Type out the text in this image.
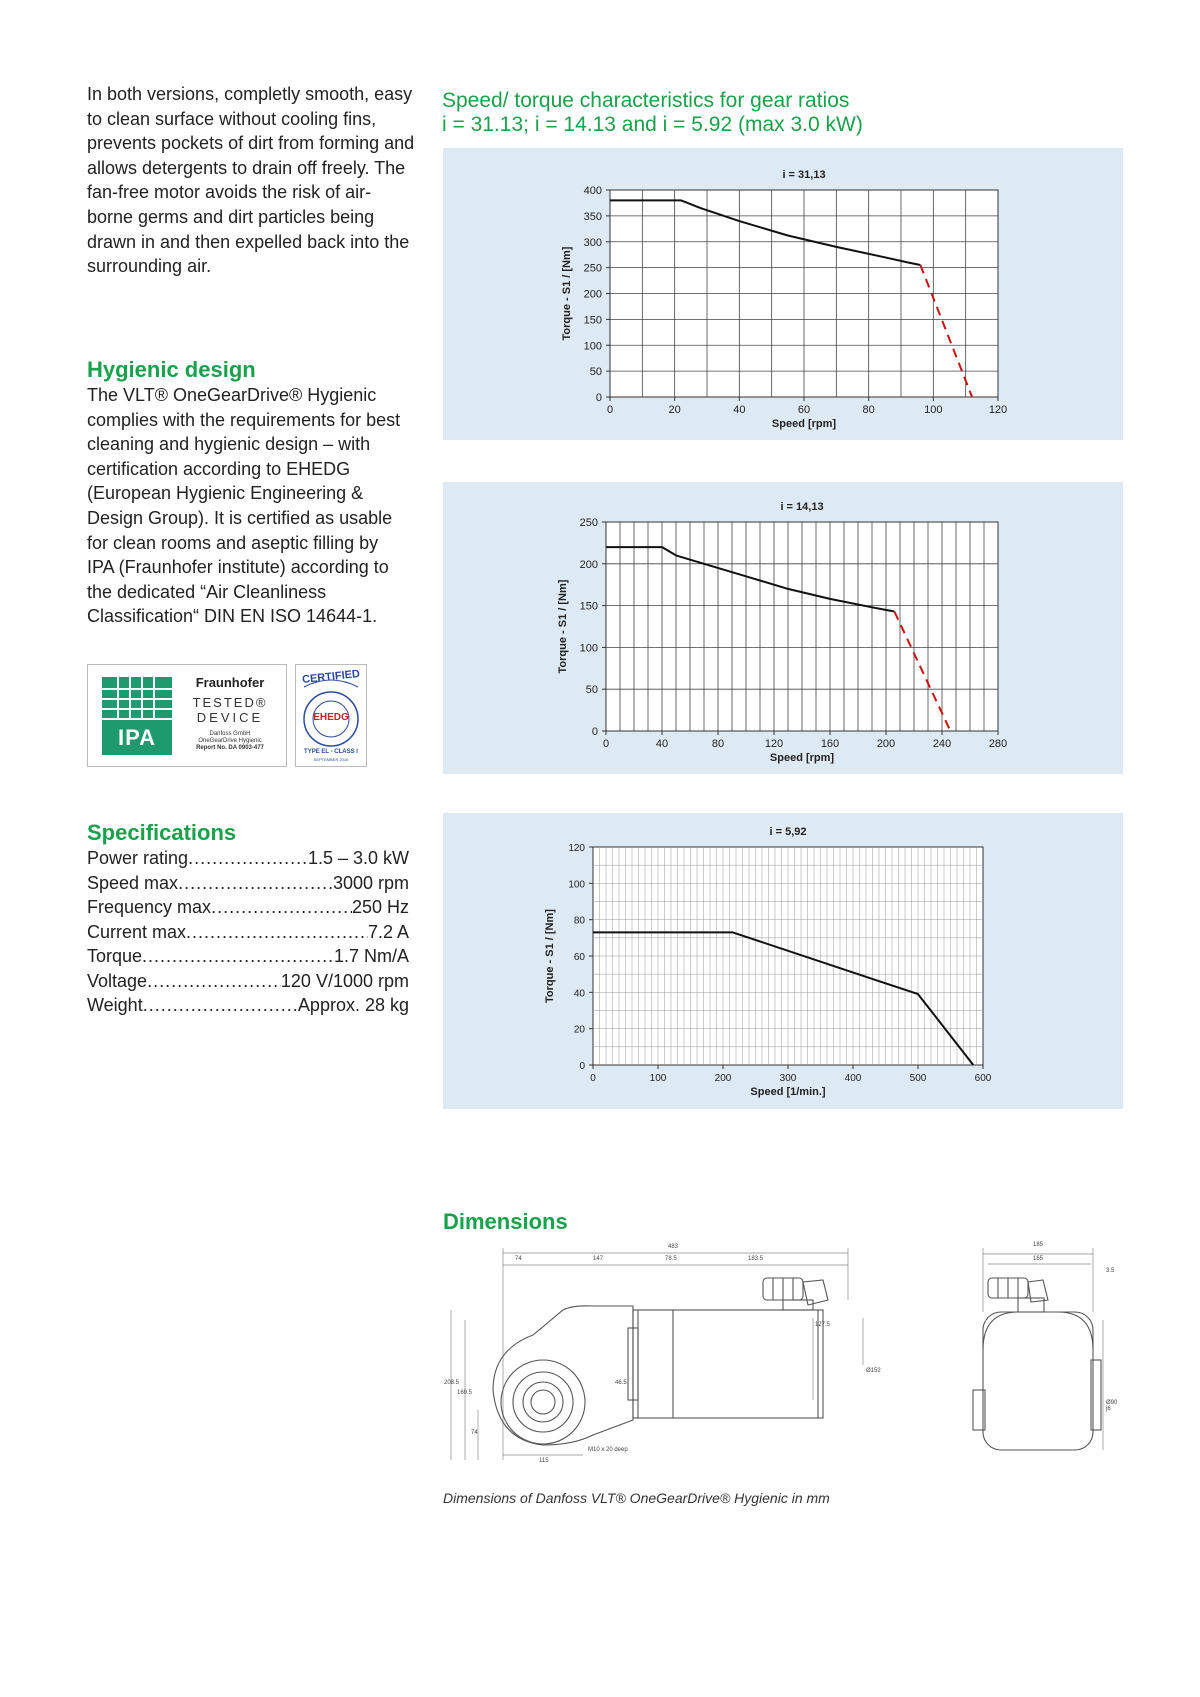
In both versions, completly smooth, easy to clean surface without cooling fins, prevents pockets of dirt from forming and allows detergents to drain off freely. The fan-free motor avoids the risk of air-borne germs and dirt particles being drawn in and then expelled back into the surrounding air.
Hygienic design
The VLT® OneGearDrive® Hygienic complies with the requirements for best cleaning and hygienic design – with certification according to EHEDG (European Hygienic Engineering & Design Group). It is certified as usable for clean rooms and aseptic filling by IPA (Fraunhofer institute) according to the dedicated “Air Cleanliness Classification“ DIN EN ISO 14644-1.
IPA
Fraunhofer
TESTED®
DEVICE
Danfoss GmbH
OneGearDrive Hygienic
Report No. DA 0903-477
CERTIFIED
EHEDG
TYPE EL - CLASS I
SEPTEMBER 2016
Specifications
Power rating .....	1.5 – 3.0 kW
Speed max .....	3000 rpm
Frequency max .....	250 Hz
Current max .....	7.2 A
Torque .....	1.7 Nm/A
Voltage .....	120 V/1000 rpm
Weight .....	Approx. 28 kg
Speed/ torque characteristics for gear ratios
i = 31.13; i = 14.13 and i = 5.92 (max 3.0 kW)
0	20	40	60	80	100	120
0
50
100
150
200
250
300
350
400
i = 31,13
Speed [rpm]
Torque - S1 / [Nm]
0	40	80	120	160	200	240	280
0
50
100
150
200
250
i = 14,13
Speed [rpm]
Torque - S1 / [Nm]
0	100	200	300	400	500	600
0
20
40
60
80
100
120
i = 5,92
Speed [1/min.]
Torque - S1 / [Nm]
Dimensions
483
74	147	78.5	183.5
127.5
Ø152
46.5
208.5
169.5
74
115
M10 x 20 deep
185
165
3.5
Ø90 j6
Dimensions of Danfoss VLT® OneGearDrive® Hygienic in mm
